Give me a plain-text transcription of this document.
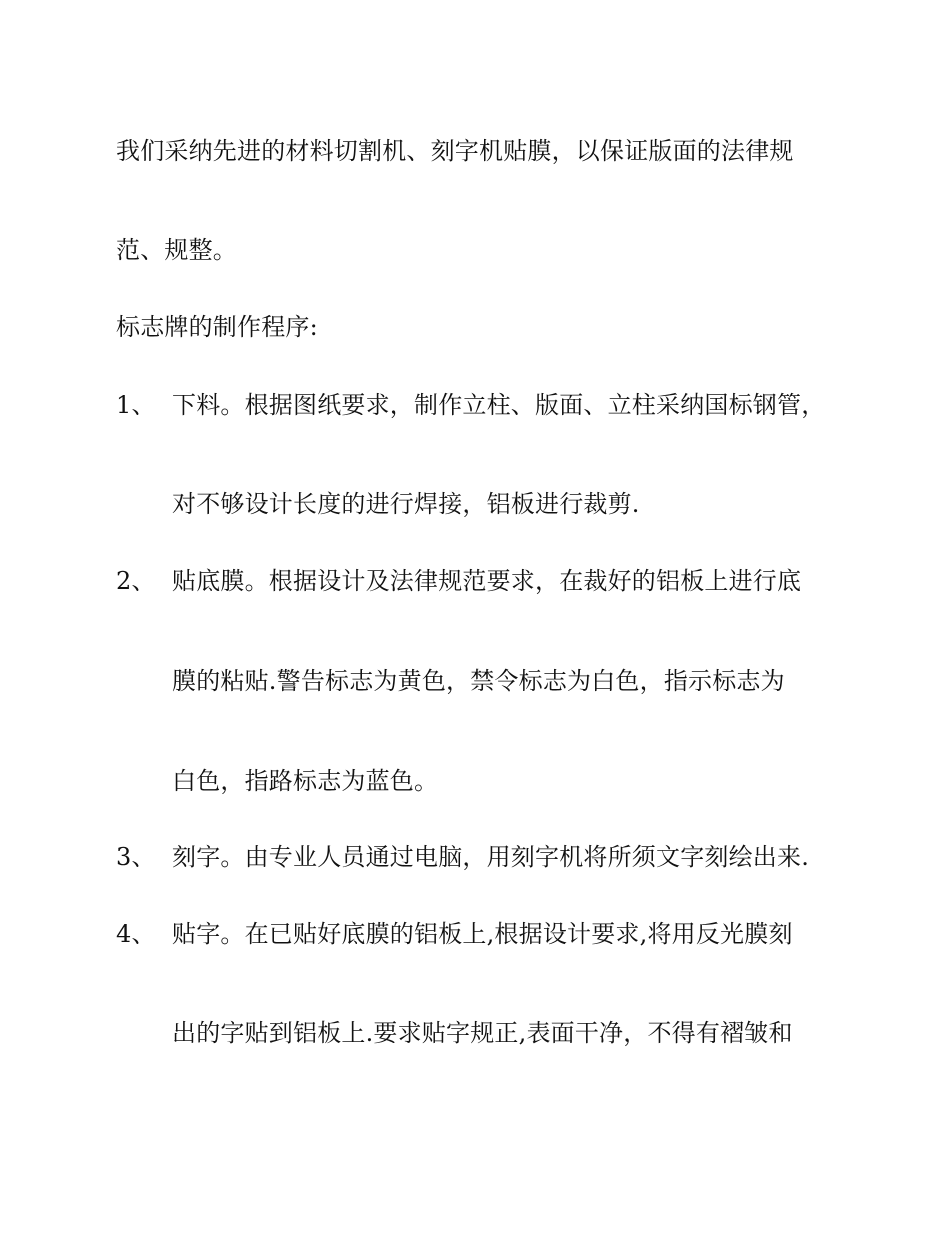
我们采纳先进的材料切割机、刻字机贴膜，以保证版面的法律规
范、规整。
标志牌的制作程序:
1、 下料。根据图纸要求，制作立柱、版面、立柱采纳国标钢管，
对不够设计长度的进行焊接，铝板进行裁剪.
2、 贴底膜。根据设计及法律规范要求，在裁好的铝板上进行底
膜的粘贴.警告标志为黄色，禁令标志为白色，指示标志为
白色，指路标志为蓝色。
3、 刻字。由专业人员通过电脑，用刻字机将所须文字刻绘出来.
4、 贴字。在已贴好底膜的铝板上,根据设计要求,将用反光膜刻
出的字贴到铝板上.要求贴字规正,表面干净，不得有褶皱和
